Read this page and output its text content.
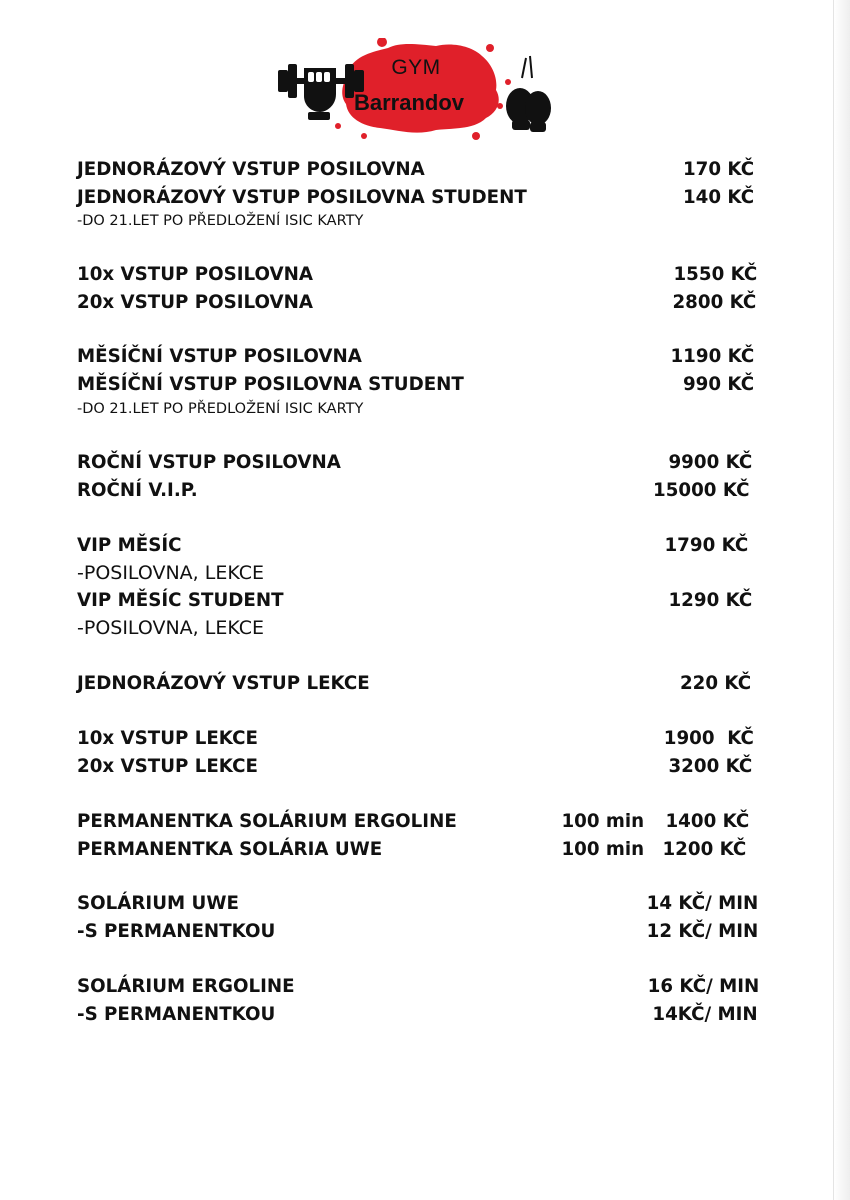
GYM
Barrandov
JEDNORÁZOVÝ VSTUP POSILOVNA	170 KČ
JEDNORÁZOVÝ VSTUP POSILOVNA STUDENT	140 KČ
-DO 21.LET PO PŘEDLOŽENÍ ISIC KARTY
10x VSTUP POSILOVNA	1550 KČ
20x VSTUP POSILOVNA	2800 KČ
MĚSÍČNÍ VSTUP POSILOVNA	1190 KČ
MĚSÍČNÍ VSTUP POSILOVNA STUDENT	990 KČ
-DO 21.LET PO PŘEDLOŽENÍ ISIC KARTY
ROČNÍ VSTUP POSILOVNA	9900 KČ
ROČNÍ V.I.P.	15000 KČ
VIP MĚSÍC	1790 KČ
-POSILOVNA, LEKCE
VIP MĚSÍC STUDENT	1290 KČ
-POSILOVNA, LEKCE
JEDNORÁZOVÝ VSTUP LEKCE	220 KČ
10x VSTUP LEKCE	1900  KČ
20x VSTUP LEKCE	3200 KČ
PERMANENTKA SOLÁRIUM ERGOLINE	100 min 1400 KČ
PERMANENTKA SOLÁRIA UWE	100 min 1200 KČ
SOLÁRIUM UWE	14 KČ/ MIN
-S PERMANENTKOU	12 KČ/ MIN
SOLÁRIUM ERGOLINE	16 KČ/ MIN
-S PERMANENTKOU	14KČ/ MIN
